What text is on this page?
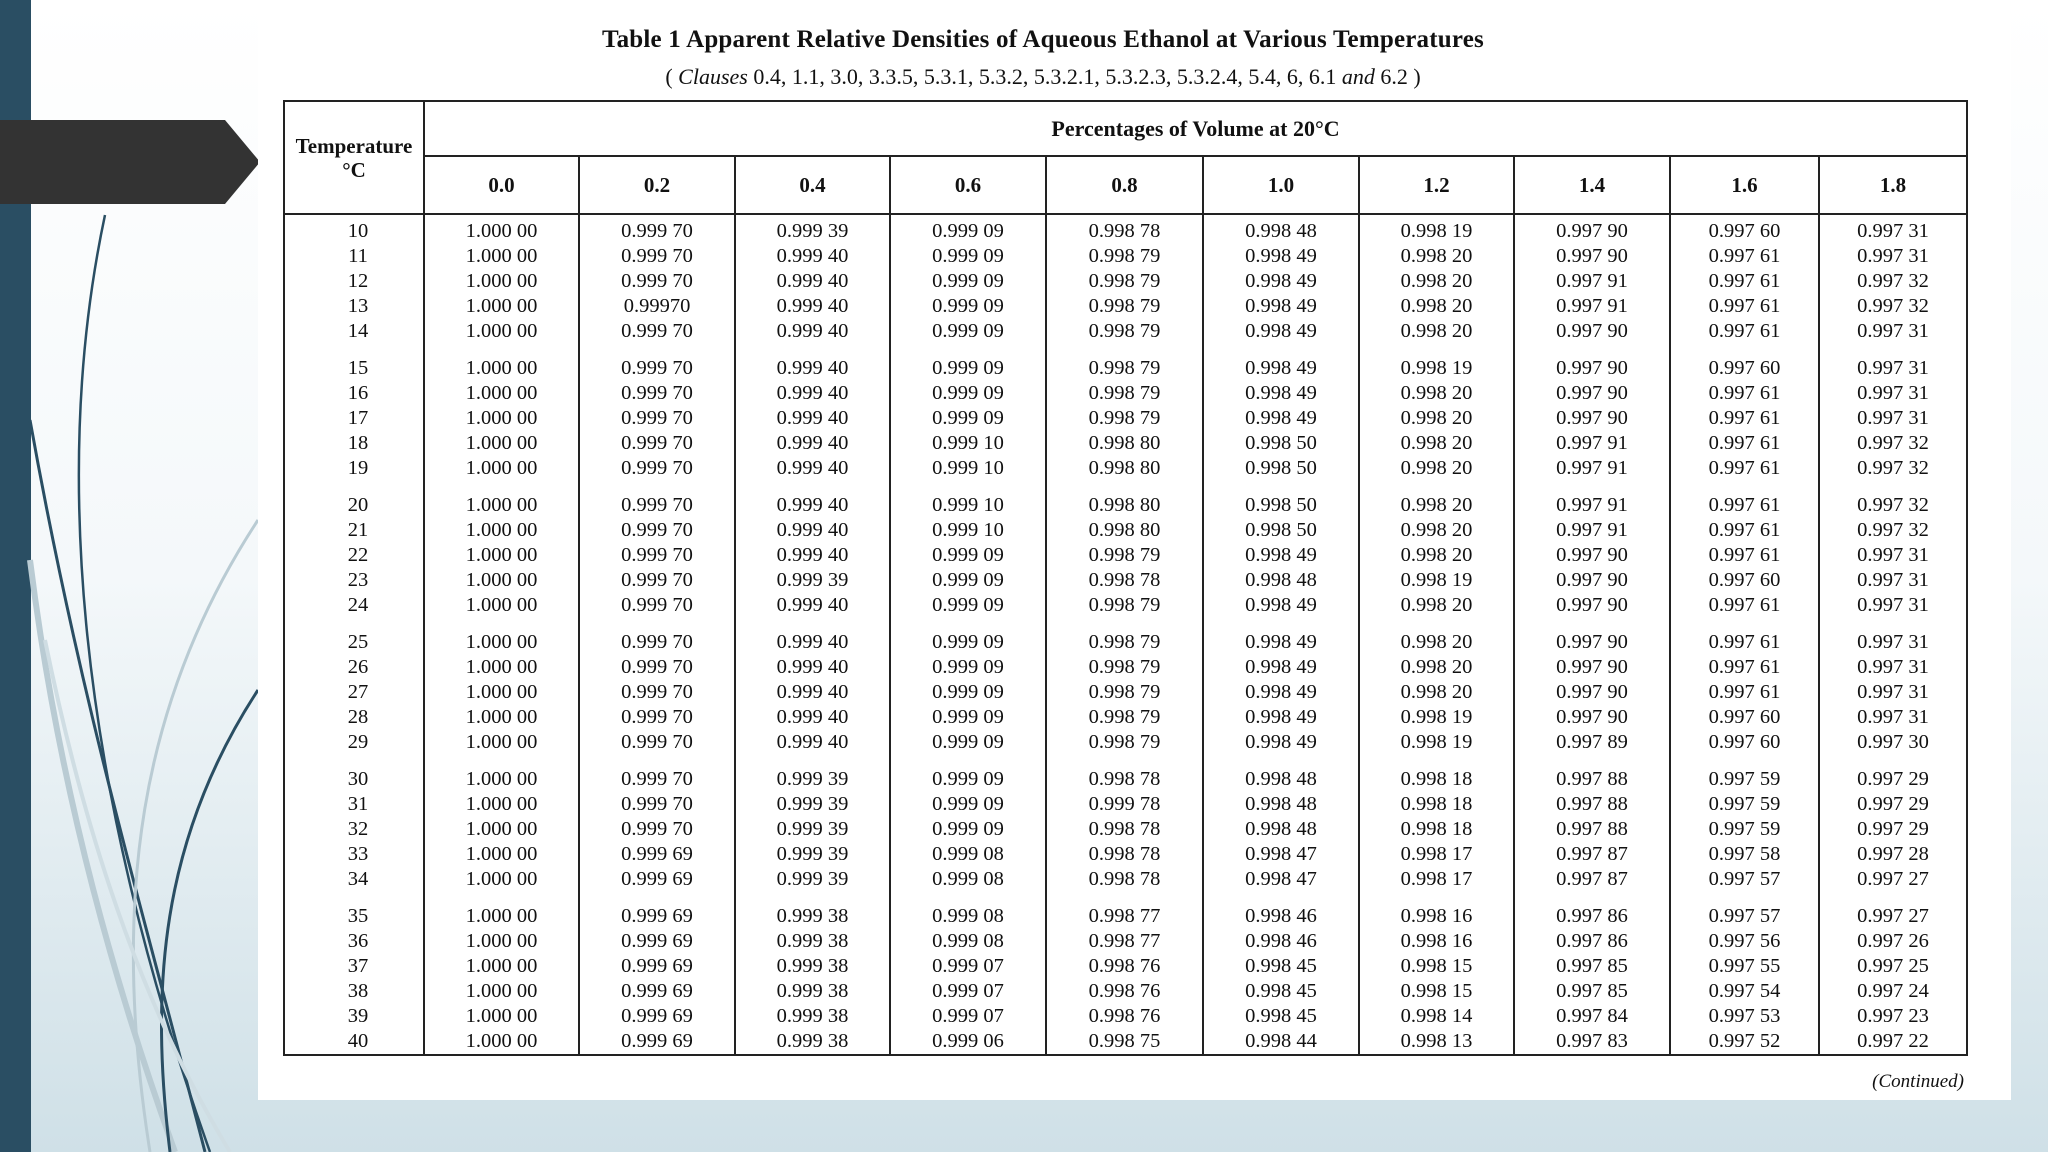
Table 1 Apparent Relative Densities of Aqueous Ethanol at Various Temperatures
( Clauses 0.4, 1.1, 3.0, 3.3.5, 5.3.1, 5.3.2, 5.3.2.1, 5.3.2.3, 5.3.2.4, 5.4, 6, 6.1 and 6.2 )
Temperature
°C	Percentages of Volume at 20°C									
	0.0	0.2	0.4	0.6	0.8	1.0	1.2	1.4	1.6	1.8
10	1.000 00	0.999 70	0.999 39	0.999 09	0.998 78	0.998 48	0.998 19	0.997 90	0.997 60	0.997 31
11	1.000 00	0.999 70	0.999 40	0.999 09	0.998 79	0.998 49	0.998 20	0.997 90	0.997 61	0.997 31
12	1.000 00	0.999 70	0.999 40	0.999 09	0.998 79	0.998 49	0.998 20	0.997 91	0.997 61	0.997 32
13	1.000 00	0.99970	0.999 40	0.999 09	0.998 79	0.998 49	0.998 20	0.997 91	0.997 61	0.997 32
14	1.000 00	0.999 70	0.999 40	0.999 09	0.998 79	0.998 49	0.998 20	0.997 90	0.997 61	0.997 31
15	1.000 00	0.999 70	0.999 40	0.999 09	0.998 79	0.998 49	0.998 19	0.997 90	0.997 60	0.997 31
16	1.000 00	0.999 70	0.999 40	0.999 09	0.998 79	0.998 49	0.998 20	0.997 90	0.997 61	0.997 31
17	1.000 00	0.999 70	0.999 40	0.999 09	0.998 79	0.998 49	0.998 20	0.997 90	0.997 61	0.997 31
18	1.000 00	0.999 70	0.999 40	0.999 10	0.998 80	0.998 50	0.998 20	0.997 91	0.997 61	0.997 32
19	1.000 00	0.999 70	0.999 40	0.999 10	0.998 80	0.998 50	0.998 20	0.997 91	0.997 61	0.997 32
20	1.000 00	0.999 70	0.999 40	0.999 10	0.998 80	0.998 50	0.998 20	0.997 91	0.997 61	0.997 32
21	1.000 00	0.999 70	0.999 40	0.999 10	0.998 80	0.998 50	0.998 20	0.997 91	0.997 61	0.997 32
22	1.000 00	0.999 70	0.999 40	0.999 09	0.998 79	0.998 49	0.998 20	0.997 90	0.997 61	0.997 31
23	1.000 00	0.999 70	0.999 39	0.999 09	0.998 78	0.998 48	0.998 19	0.997 90	0.997 60	0.997 31
24	1.000 00	0.999 70	0.999 40	0.999 09	0.998 79	0.998 49	0.998 20	0.997 90	0.997 61	0.997 31
25	1.000 00	0.999 70	0.999 40	0.999 09	0.998 79	0.998 49	0.998 20	0.997 90	0.997 61	0.997 31
26	1.000 00	0.999 70	0.999 40	0.999 09	0.998 79	0.998 49	0.998 20	0.997 90	0.997 61	0.997 31
27	1.000 00	0.999 70	0.999 40	0.999 09	0.998 79	0.998 49	0.998 20	0.997 90	0.997 61	0.997 31
28	1.000 00	0.999 70	0.999 40	0.999 09	0.998 79	0.998 49	0.998 19	0.997 90	0.997 60	0.997 31
29	1.000 00	0.999 70	0.999 40	0.999 09	0.998 79	0.998 49	0.998 19	0.997 89	0.997 60	0.997 30
30	1.000 00	0.999 70	0.999 39	0.999 09	0.998 78	0.998 48	0.998 18	0.997 88	0.997 59	0.997 29
31	1.000 00	0.999 70	0.999 39	0.999 09	0.999 78	0.998 48	0.998 18	0.997 88	0.997 59	0.997 29
32	1.000 00	0.999 70	0.999 39	0.999 09	0.998 78	0.998 48	0.998 18	0.997 88	0.997 59	0.997 29
33	1.000 00	0.999 69	0.999 39	0.999 08	0.998 78	0.998 47	0.998 17	0.997 87	0.997 58	0.997 28
34	1.000 00	0.999 69	0.999 39	0.999 08	0.998 78	0.998 47	0.998 17	0.997 87	0.997 57	0.997 27
35	1.000 00	0.999 69	0.999 38	0.999 08	0.998 77	0.998 46	0.998 16	0.997 86	0.997 57	0.997 27
36	1.000 00	0.999 69	0.999 38	0.999 08	0.998 77	0.998 46	0.998 16	0.997 86	0.997 56	0.997 26
37	1.000 00	0.999 69	0.999 38	0.999 07	0.998 76	0.998 45	0.998 15	0.997 85	0.997 55	0.997 25
38	1.000 00	0.999 69	0.999 38	0.999 07	0.998 76	0.998 45	0.998 15	0.997 85	0.997 54	0.997 24
39	1.000 00	0.999 69	0.999 38	0.999 07	0.998 76	0.998 45	0.998 14	0.997 84	0.997 53	0.997 23
40	1.000 00	0.999 69	0.999 38	0.999 06	0.998 75	0.998 44	0.998 13	0.997 83	0.997 52	0.997 22
(Continued)
